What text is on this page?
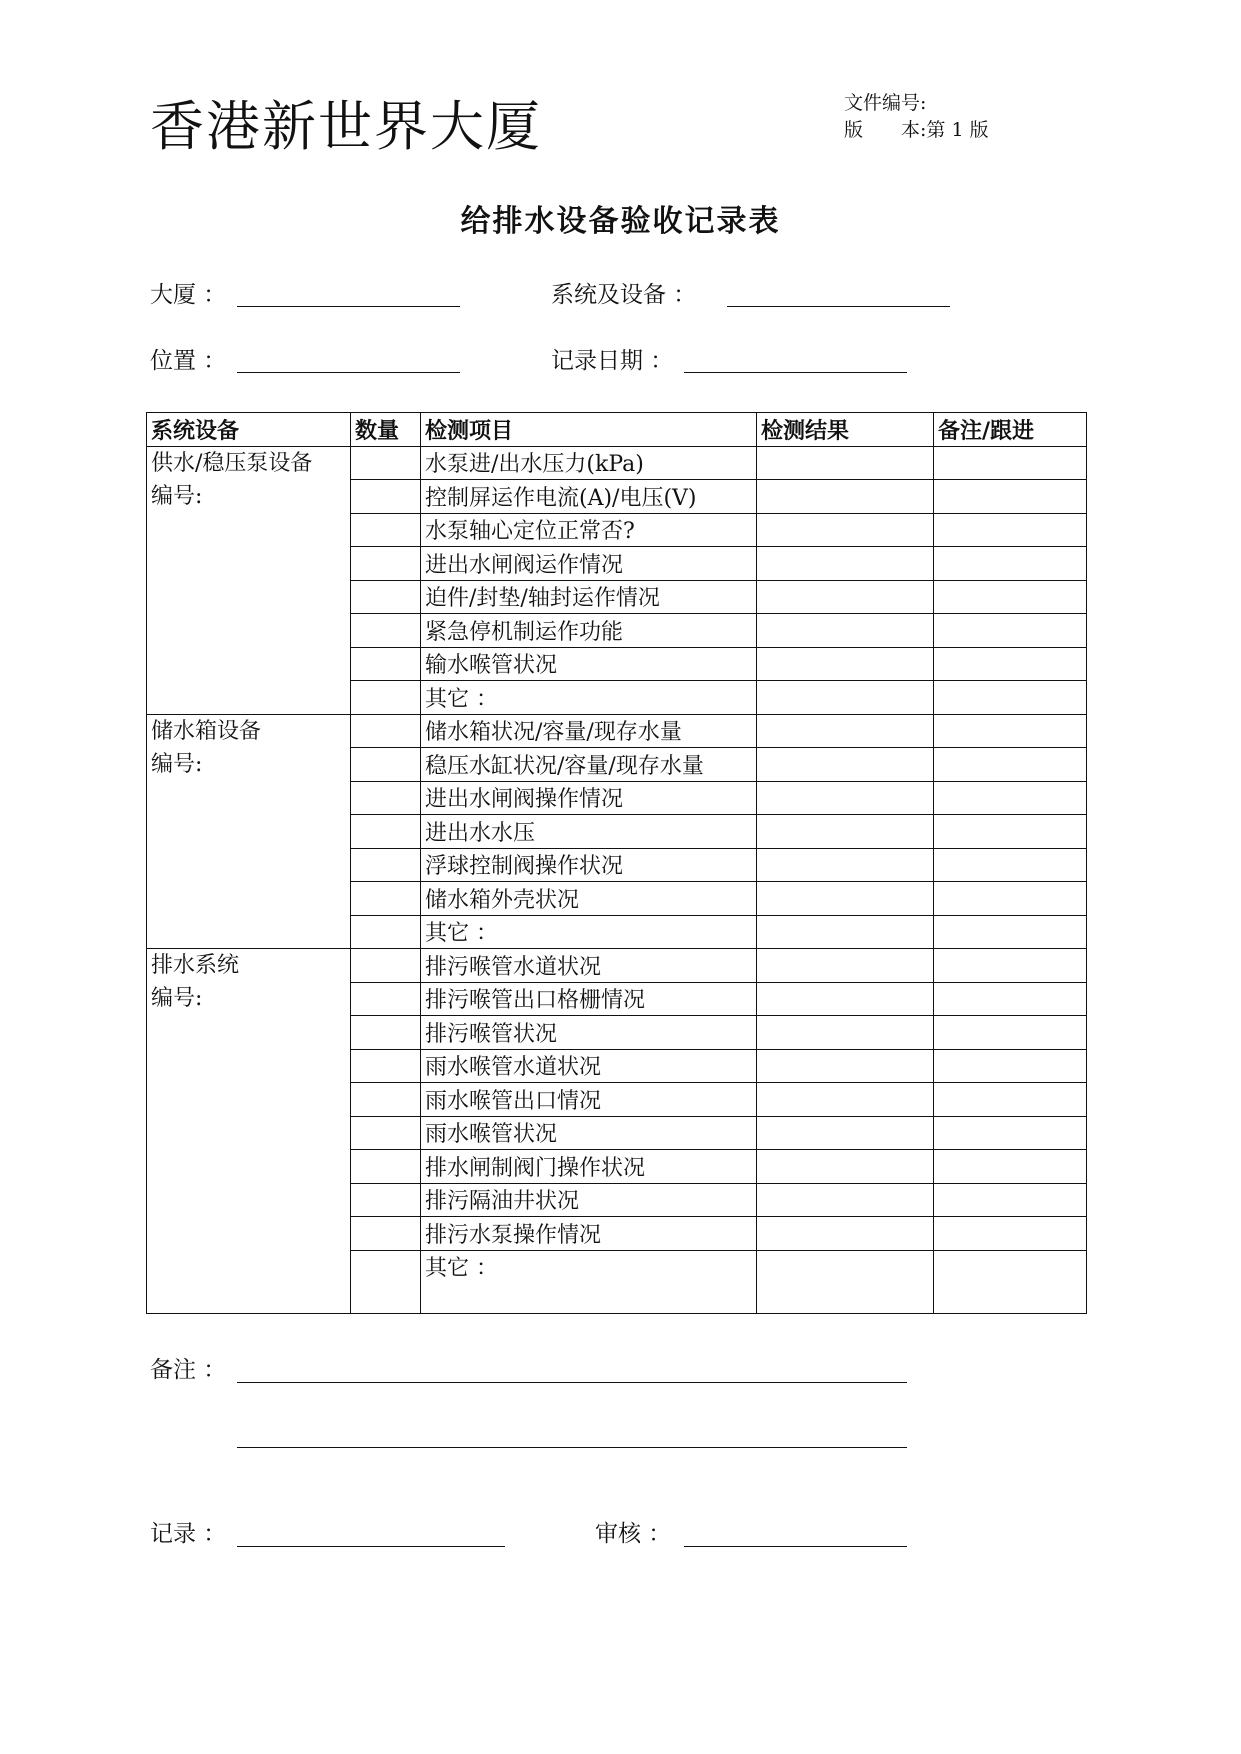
香港新世界大厦	文件编号:
版　　本:第 1 版
给排水设备验收记录表
大厦 ：	系统及设备 ：
位置 ：	记录日期 ：
系统设备	数量	检测项目	检测结果	备注/跟进

供水/稳压泵设备
编号:		水泵进/出水压力(kPa)		
		控制屏运作电流(A)/电压(V)		
		水泵轴心定位正常否?		
		进出水闸阀运作情况		
		迫件/封垫/轴封运作情况		
		紧急停机制运作功能		
		输水喉管状况		
		其它 ：		

储水箱设备
编号:		储水箱状况/容量/现存水量		
		稳压水缸状况/容量/现存水量		
		进出水闸阀操作情况		
		进出水水压		
		浮球控制阀操作状况		
		储水箱外壳状况		
		其它 ：		

排水系统
编号:		排污喉管水道状况		
		排污喉管出口格栅情况		
		排污喉管状况		
		雨水喉管水道状况		
		雨水喉管出口情况		
		雨水喉管状况		
		排水闸制阀门操作状况		
		排污隔油井状况		
		排污水泵操作情况		
		其它 ：		
备注 ：
记录 ：	审核 ：
